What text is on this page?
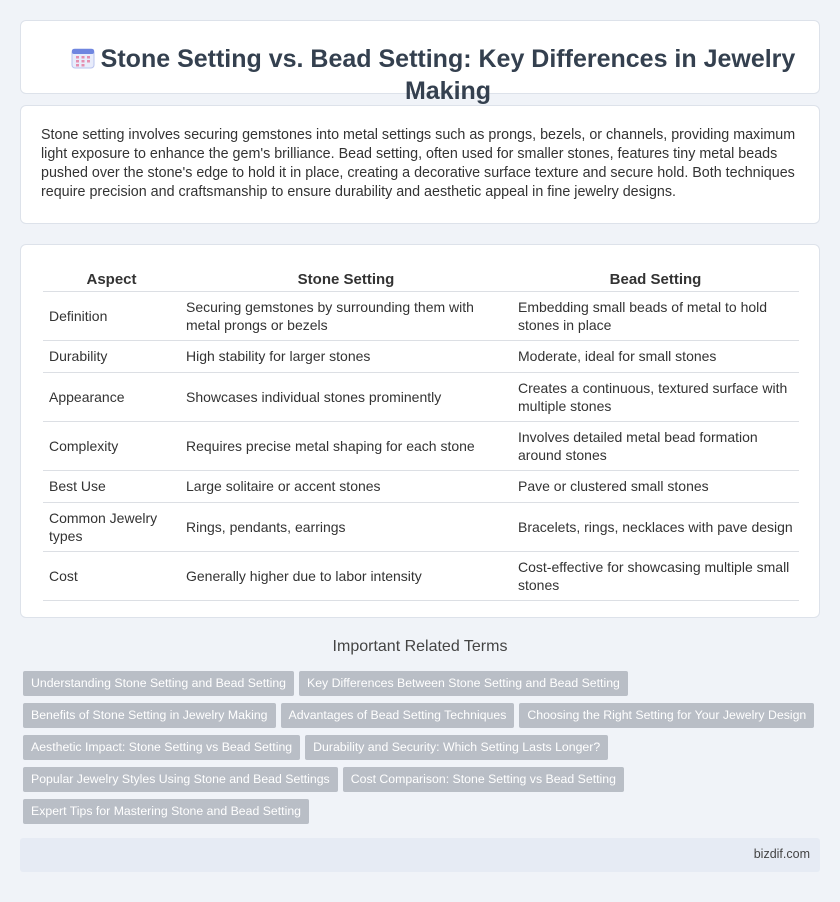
Stone Setting vs. Bead Setting: Key Differences in Jewelry Making

Stone setting involves securing gemstones into metal settings such as prongs, bezels, or channels, providing maximum light exposure to enhance the gem's brilliance. Bead setting, often used for smaller stones, features tiny metal beads pushed over the stone's edge to hold it in place, creating a decorative surface texture and secure hold. Both techniques require precision and craftsmanship to ensure durability and aesthetic appeal in fine jewelry designs.

Aspect	Stone Setting	Bead Setting
Definition	Securing gemstones by surrounding them with metal prongs or bezels	Embedding small beads of metal to hold stones in place
Durability	High stability for larger stones	Moderate, ideal for small stones
Appearance	Showcases individual stones prominently	Creates a continuous, textured surface with multiple stones
Complexity	Requires precise metal shaping for each stone	Involves detailed metal bead formation around stones
Best Use	Large solitaire or accent stones	Pave or clustered small stones
Common Jewelry types	Rings, pendants, earrings	Bracelets, rings, necklaces with pave design
Cost	Generally higher due to labor intensity	Cost-effective for showcasing multiple small stones
Important Related Terms
Understanding Stone Setting and Bead Setting Key Differences Between Stone Setting and Bead Setting
Benefits of Stone Setting in Jewelry Making Advantages of Bead Setting Techniques Choosing the Right Setting for Your Jewelry Design
Aesthetic Impact: Stone Setting vs Bead Setting Durability and Security: Which Setting Lasts Longer?
Popular Jewelry Styles Using Stone and Bead Settings Cost Comparison: Stone Setting vs Bead Setting
Expert Tips for Mastering Stone and Bead Setting
bizdif.com
